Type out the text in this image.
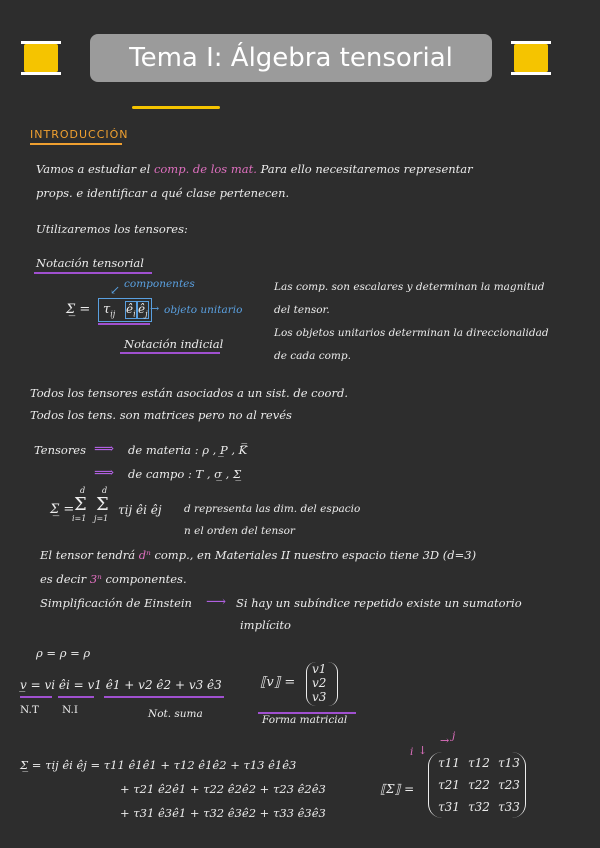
Tema I: Álgebra tensorial
INTRODUCCIÓN
Vamos a estudiar el comp. de los mat. Para ello necesitaremos representar
props. e identificar a qué clase pertenecen.
Utilizaremos los tensores:
Notación tensorial
componentes
↙
Σ̲ = $\tau_{ij}$ $ê_i$ $ê_j$ → objeto unitario
Notación indicial
Las comp. son escalares y determinan la magnitud
del tensor.
Los objetos unitarios determinan la direccionalidad
de cada comp.
Todos los tensores están asociados a un sist. de coord.
Todos los tens. son matrices pero no al revés
Tensores ⟹ de materia : ρ , P̲ , K̿
⟹ de campo : T , σ̲ , Σ̲
Σ̲ =
d
Σ
i=1
d
Σ
j=1
τij êi êj d representa las dim. del espacio
n el orden del tensor
El tensor tendrá dⁿ comp., en Materiales II nuestro espacio tiene 3D (d=3)
es decir 3ⁿ componentes.
Simplificación de Einstein ⟶ Si hay un subíndice repetido existe un sumatorio
implícito
ρ = ρ = ρ
v̲ = vi êi = v1 ê1 + v2 ê2 + v3 ê3
N.T N.I	Not. suma
⟦v⟧ =
v1
v2
v3
Forma matricial
Σ̲ = τij êi êj = τ11 ê1ê1 + τ12 ê1ê2 + τ13 ê1ê3
+ τ21 ê2ê1 + τ22 ê2ê2 + τ23 ê2ê3
+ τ31 ê3ê1 + τ32 ê3ê2 + τ33 ê3ê3
⟦Σ⟧ =
i ↓
j
→
τ11 τ12 τ13
τ21 τ22 τ23
τ31 τ32 τ33
